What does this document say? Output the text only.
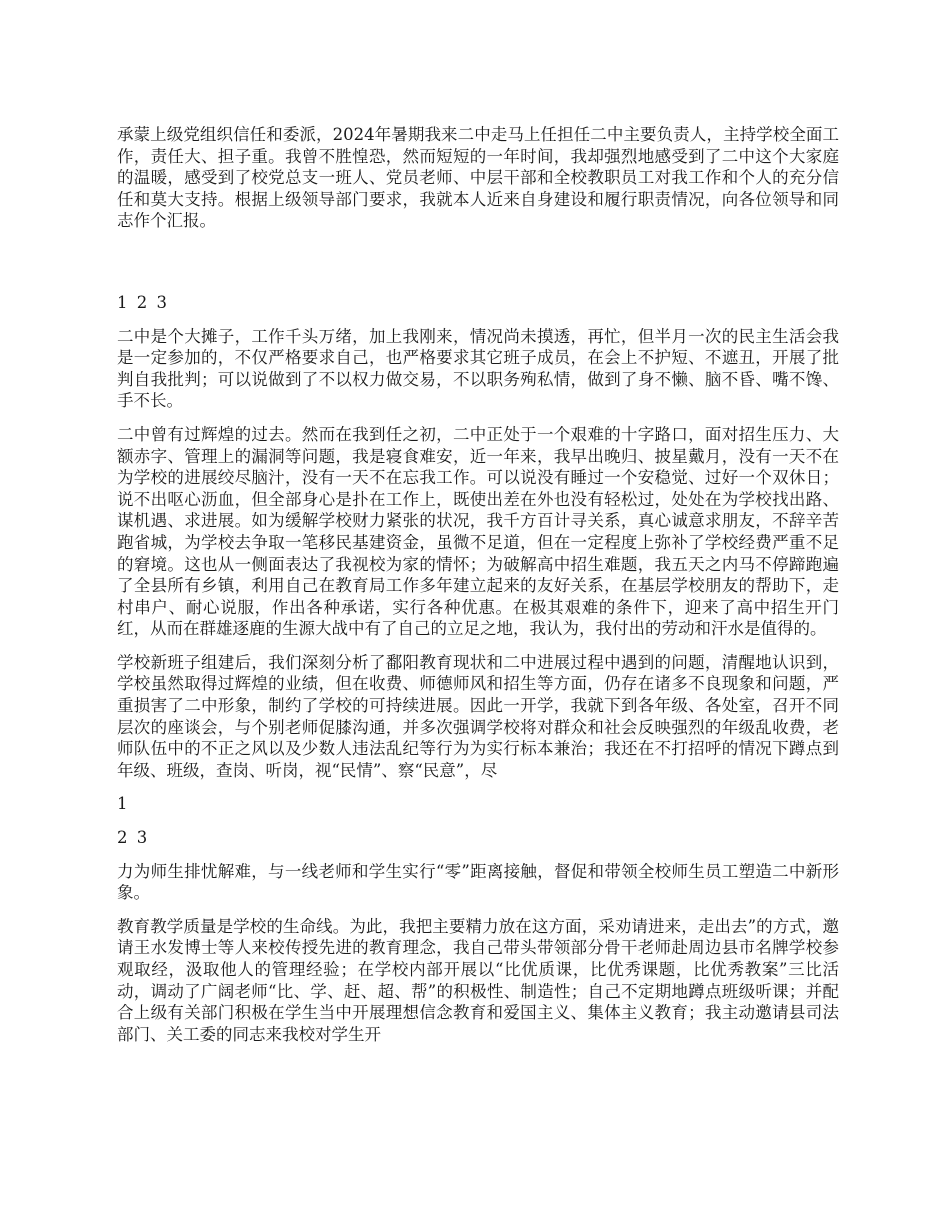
承蒙上级党组织信任和委派，2024年暑期我来二中走马上任担任二中主要负责人，主持学校全面工作，责任大、担子重。我曾不胜惶恐，然而短短的一年时间，我却强烈地感受到了二中这个大家庭的温暖，感受到了校党总支一班人、党员老师、中层干部和全校教职员工对我工作和个人的充分信任和莫大支持。根据上级领导部门要求，我就本人近来自身建设和履行职责情况，向各位领导和同志作个汇报。

1 2 3

二中是个大摊子，工作千头万绪，加上我刚来，情况尚未摸透，再忙，但半月一次的民主生活会我是一定参加的，不仅严格要求自己，也严格要求其它班子成员，在会上不护短、不遮丑，开展了批判自我批判；可以说做到了不以权力做交易，不以职务殉私情，做到了身不懒、脑不昏、嘴不馋、手不长。

二中曾有过辉煌的过去。然而在我到任之初，二中正处于一个艰难的十字路口，面对招生压力、大额赤字、管理上的漏洞等问题，我是寝食难安，近一年来，我早出晚归、披星戴月，没有一天不在为学校的进展绞尽脑汁，没有一天不在忘我工作。可以说没有睡过一个安稳觉、过好一个双休日；说不出呕心沥血，但全部身心是扑在工作上，既使出差在外也没有轻松过，处处在为学校找出路、谋机遇、求进展。如为缓解学校财力紧张的状况，我千方百计寻关系，真心诚意求朋友，不辞辛苦跑省城，为学校去争取一笔移民基建资金，虽微不足道，但在一定程度上弥补了学校经费严重不足的窘境。这也从一侧面表达了我视校为家的情怀；为破解高中招生难题，我五天之内马不停蹄跑遍了全县所有乡镇，利用自己在教育局工作多年建立起来的友好关系，在基层学校朋友的帮助下，走村串户、耐心说服，作出各种承诺，实行各种优惠。在极其艰难的条件下，迎来了高中招生开门红，从而在群雄逐鹿的生源大战中有了自己的立足之地，我认为，我付出的劳动和汗水是值得的。

学校新班子组建后，我们深刻分析了鄱阳教育现状和二中进展过程中遇到的问题，清醒地认识到，学校虽然取得过辉煌的业绩，但在收费、师德师风和招生等方面，仍存在诸多不良现象和问题，严重损害了二中形象，制约了学校的可持续进展。因此一开学，我就下到各年级、各处室，召开不同层次的座谈会，与个别老师促膝沟通，并多次强调学校将对群众和社会反映强烈的年级乱收费，老师队伍中的不正之风以及少数人违法乱纪等行为为实行标本兼治；我还在不打招呼的情况下蹲点到年级、班级，查岗、听岗，视“民情”、察“民意”，尽

1

2 3

力为师生排忧解难，与一线老师和学生实行“零”距离接触，督促和带领全校师生员工塑造二中新形象。

教育教学质量是学校的生命线。为此，我把主要精力放在这方面，采劝请进来，走出去”的方式，邀请王水发博士等人来校传授先进的教育理念，我自己带头带领部分骨干老师赴周边县市名牌学校参观取经，汲取他人的管理经验；在学校内部开展以“比优质课，比优秀课题，比优秀教案”三比活动，调动了广阔老师“比、学、赶、超、帮”的积极性、制造性；自己不定期地蹲点班级听课；并配合上级有关部门积极在学生当中开展理想信念教育和爱国主义、集体主义教育；我主动邀请县司法部门、关工委的同志来我校对学生开
